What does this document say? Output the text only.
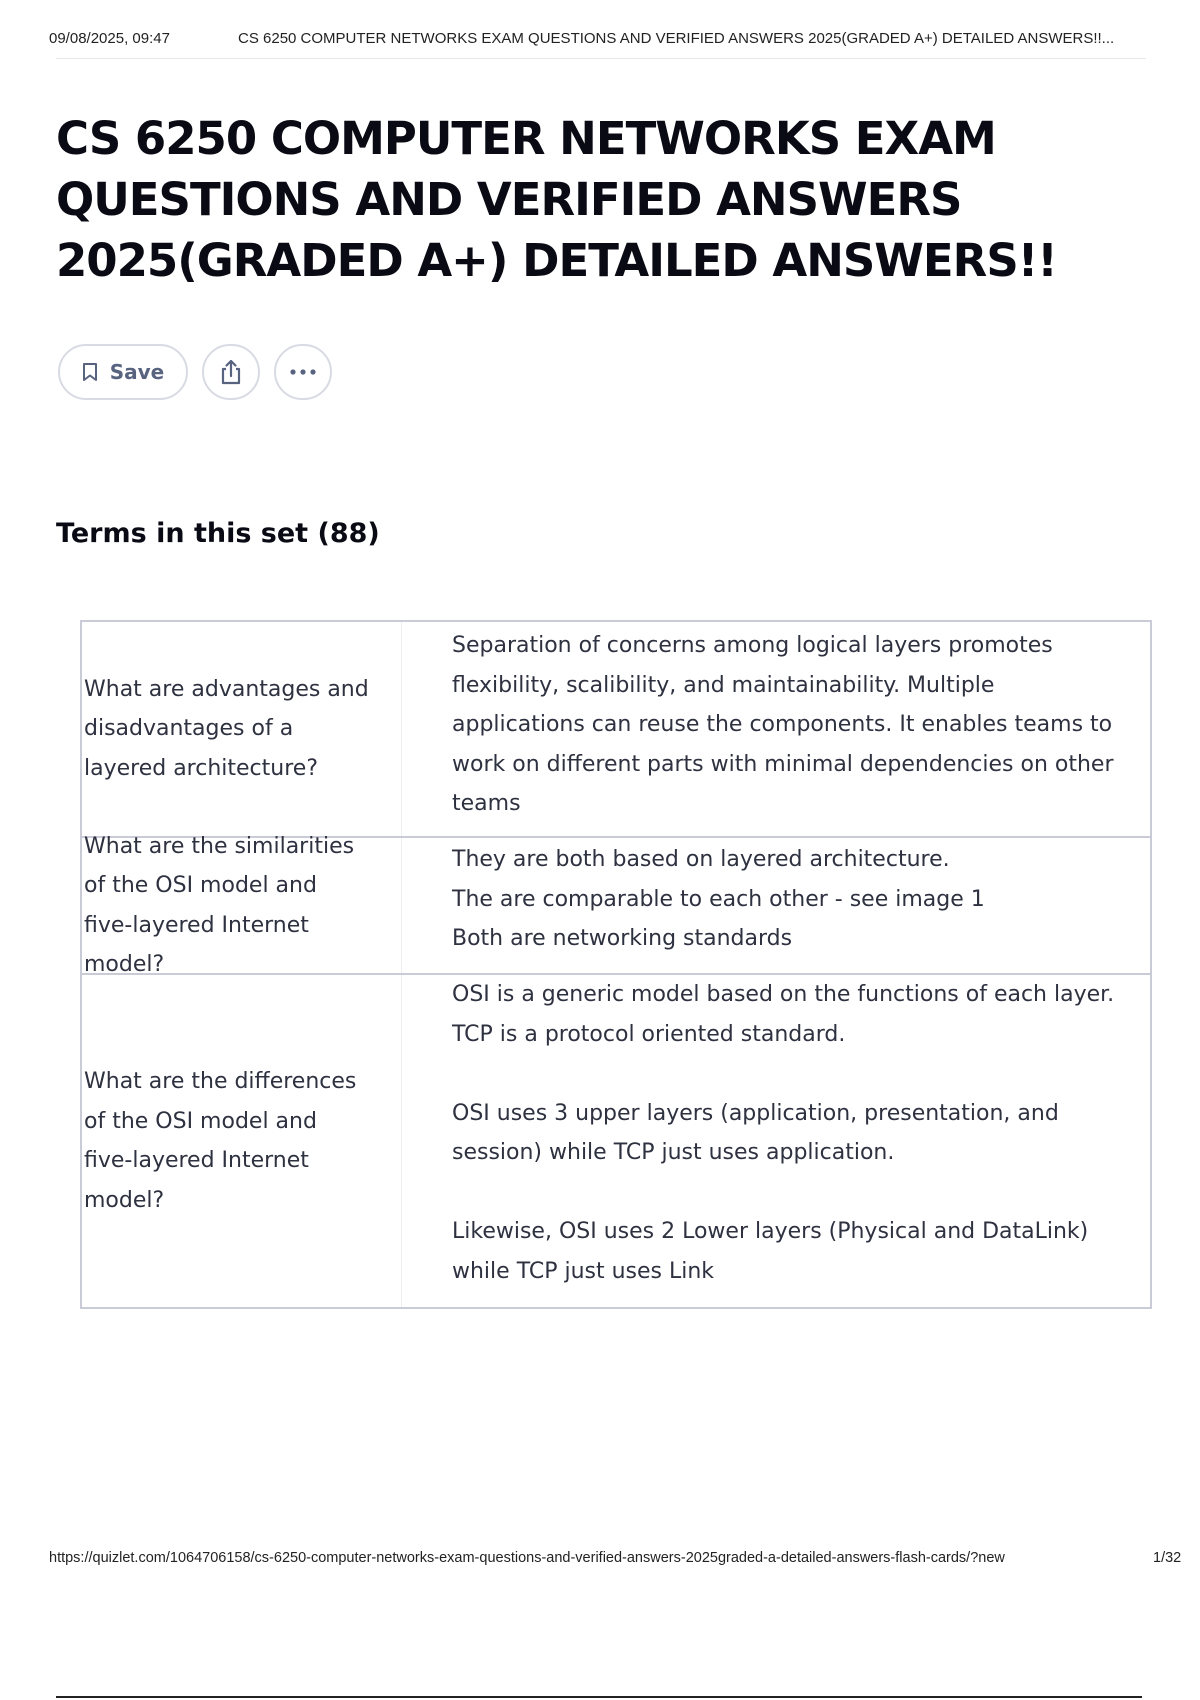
09/08/2025, 09:47	CS 6250 COMPUTER NETWORKS EXAM QUESTIONS AND VERIFIED ANSWERS 2025(GRADED A+) DETAILED ANSWERS!!...
CS 6250 COMPUTER NETWORKS EXAM QUESTIONS AND VERIFIED ANSWERS 2025(GRADED A+) DETAILED ANSWERS!!
Save
Terms in this set (88)
What are advantages and disadvantages of a layered architecture?
Separation of concerns among logical layers promotes flexibility, scalibility, and maintainability. Multiple applications can reuse the components. It enables teams to work on different parts with minimal dependencies on other teams
What are the similarities of the OSI model and five-layered Internet model?
They are both based on layered architecture.
The are comparable to each other - see image 1
Both are networking standards
What are the differences of the OSI model and five-layered Internet model?
OSI is a generic model based on the functions of each layer. TCP is a protocol oriented standard.

OSI uses 3 upper layers (application, presentation, and session) while TCP just uses application.

Likewise, OSI uses 2 Lower layers (Physical and DataLink) while TCP just uses Link
https://quizlet.com/1064706158/cs-6250-computer-networks-exam-questions-and-verified-answers-2025graded-a-detailed-answers-flash-cards/?new	1/32
